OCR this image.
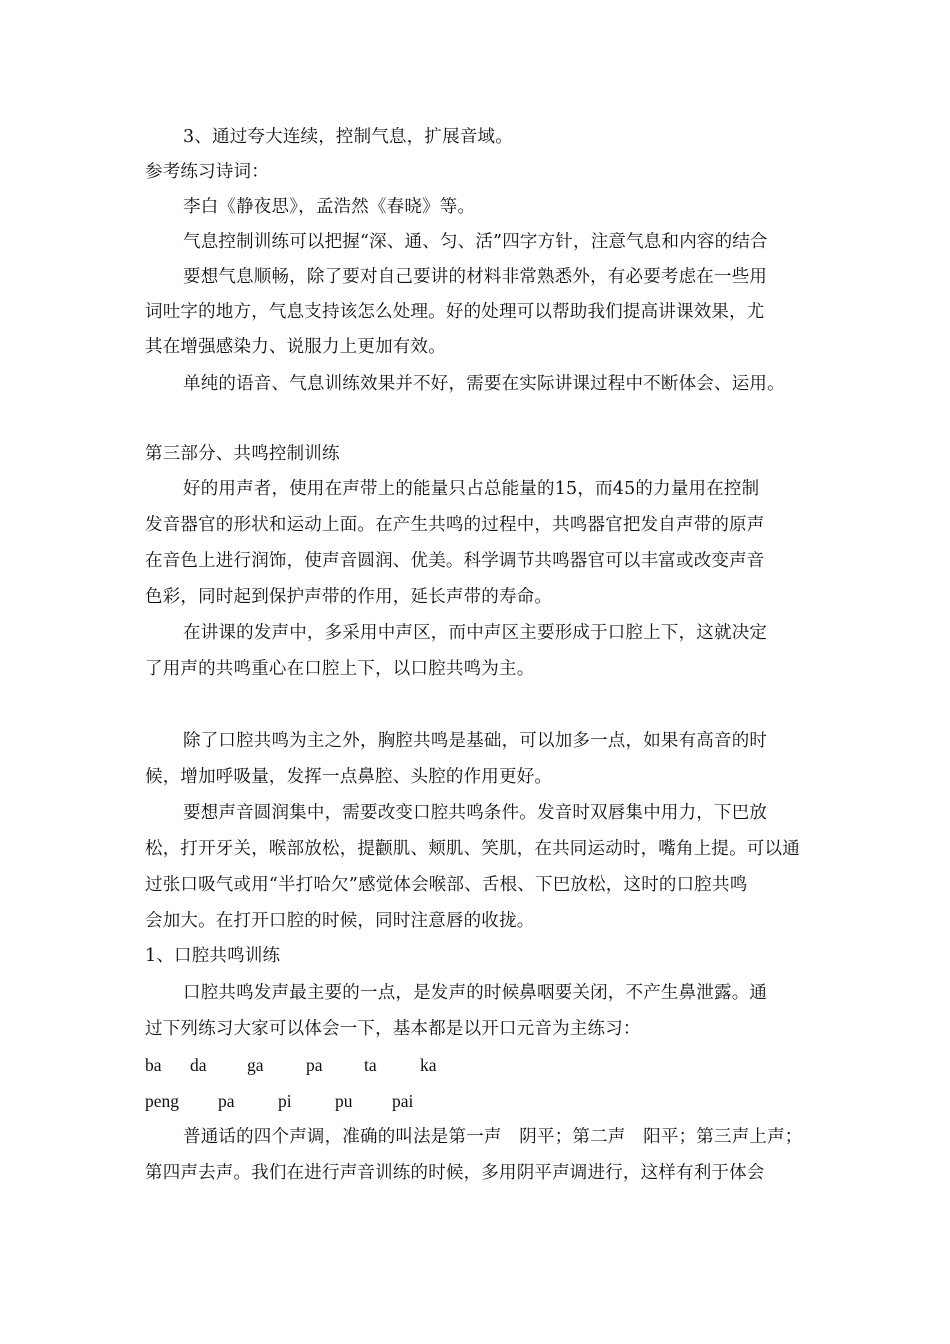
3、通过夸大连续，控制气息，扩展音域。
参考练习诗词：
李白《静夜思》，孟浩然《春晓》等。
气息控制训练可以把握“深、通、匀、活”四字方针，注意气息和内容的结合
要想气息顺畅，除了要对自己要讲的材料非常熟悉外，有必要考虑在一些用
词吐字的地方，气息支持该怎么处理。好的处理可以帮助我们提高讲课效果，尤
其在增强感染力、说服力上更加有效。
单纯的语音、气息训练效果并不好，需要在实际讲课过程中不断体会、运用。
第三部分、共鸣控制训练
好的用声者，使用在声带上的能量只占总能量的15，而45的力量用在控制
发音器官的形状和运动上面。在产生共鸣的过程中，共鸣器官把发自声带的原声
在音色上进行润饰，使声音圆润、优美。科学调节共鸣器官可以丰富或改变声音
色彩，同时起到保护声带的作用，延长声带的寿命。
在讲课的发声中，多采用中声区，而中声区主要形成于口腔上下，这就决定
了用声的共鸣重心在口腔上下，以口腔共鸣为主。
除了口腔共鸣为主之外，胸腔共鸣是基础，可以加多一点，如果有高音的时
候，增加呼吸量，发挥一点鼻腔、头腔的作用更好。
要想声音圆润集中，需要改变口腔共鸣条件。发音时双唇集中用力，下巴放
松，打开牙关，喉部放松，提颧肌、颊肌、笑肌，在共同运动时，嘴角上提。可以通
过张口吸气或用“半打哈欠”感觉体会喉部、舌根、下巴放松，这时的口腔共鸣
会加大。在打开口腔的时候，同时注意唇的收拢。
1、口腔共鸣训练
口腔共鸣发声最主要的一点，是发声的时候鼻咽要关闭，不产生鼻泄露。通
过下列练习大家可以体会一下，基本都是以开口元音为主练习：
ba da ga pa ta ka
peng pa pi pu pai
普通话的四个声调，准确的叫法是第一声　阴平；第二声　阳平；第三声上声；
第四声去声。我们在进行声音训练的时候，多用阴平声调进行，这样有利于体会
